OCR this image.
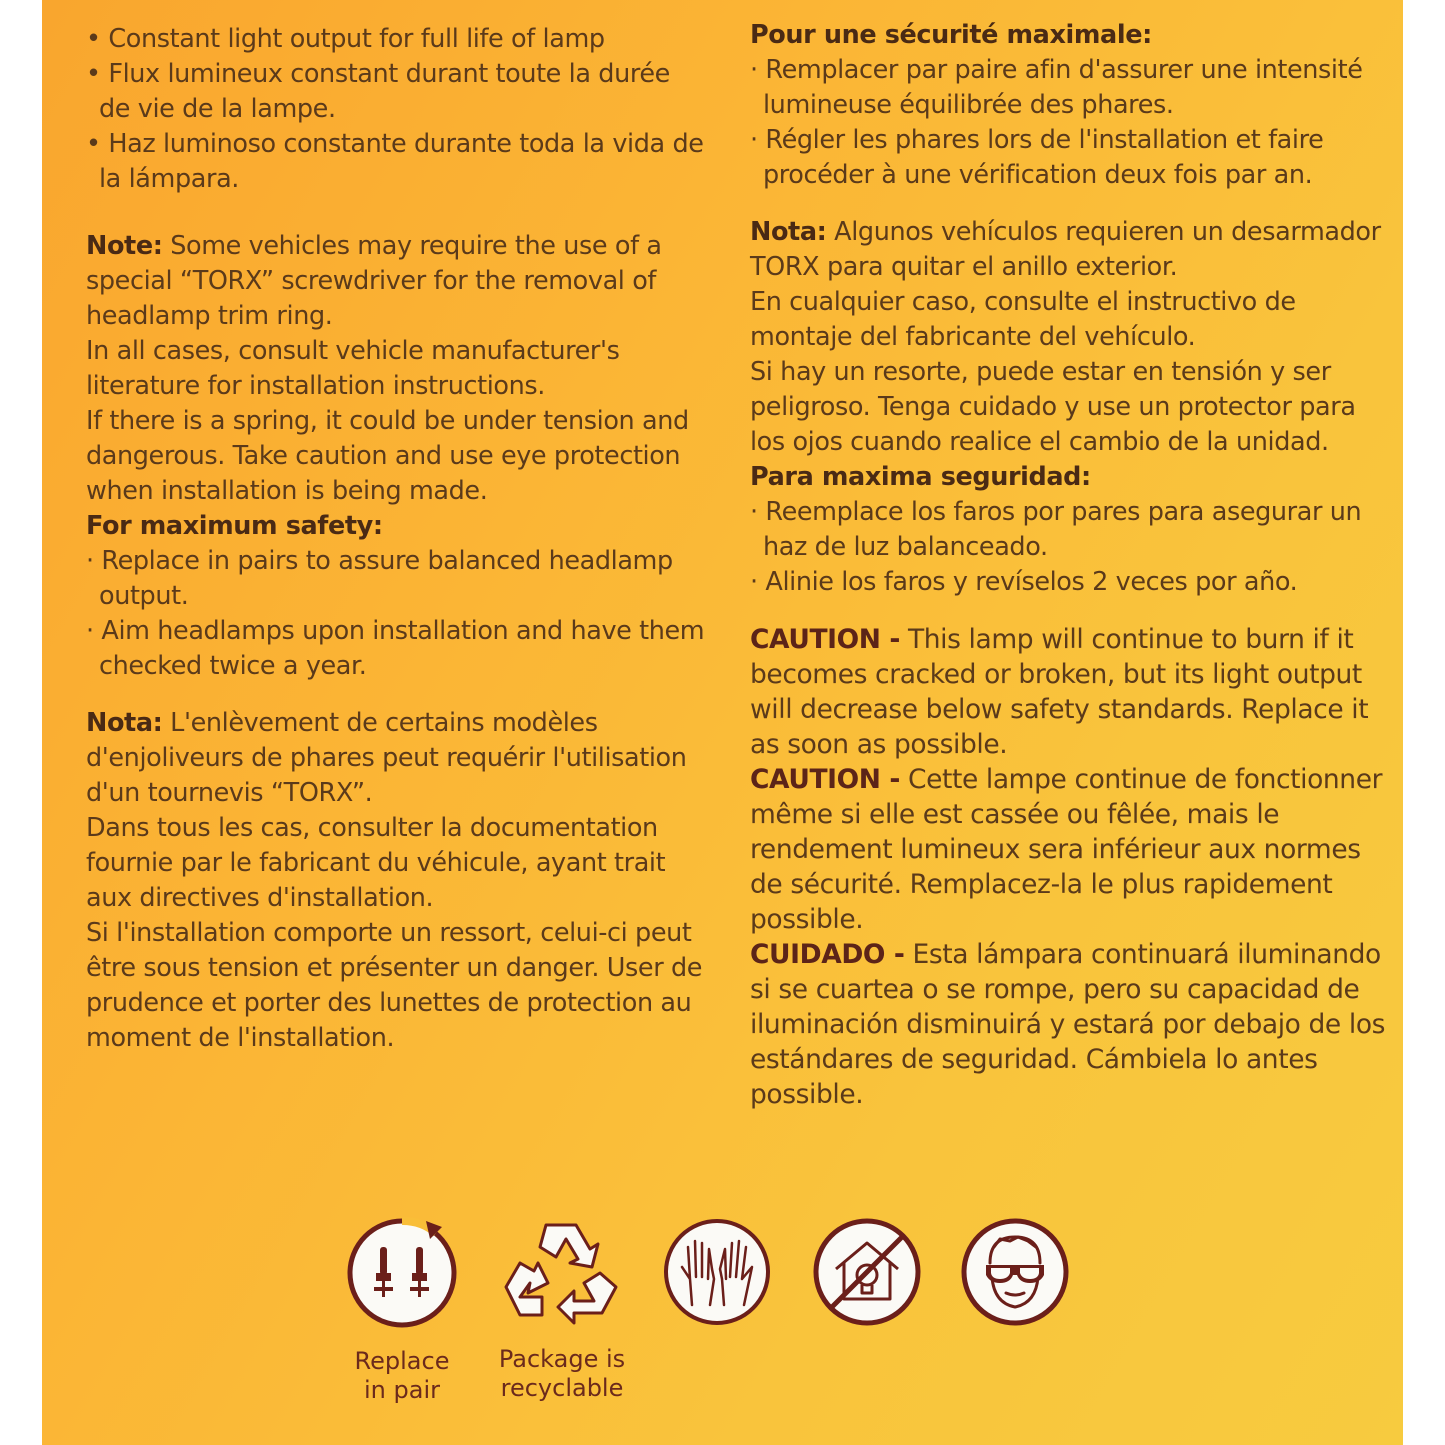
• Constant light output for full life of lamp

• Flux lumineux constant durant toute la durée de vie de la lampe.

• Haz luminoso constante durante toda la vida de la lámpara.

Note: Some vehicles may require the use of a special “TORX” screwdriver for the removal of headlamp trim ring.

In all cases, consult vehicle manufacturer's literature for installation instructions.

If there is a spring, it could be under tension and dangerous. Take caution and use eye protection when installation is being made.

For maximum safety:

· Replace in pairs to assure balanced headlamp output.

· Aim headlamps upon installation and have them checked twice a year.

Nota: L'enlèvement de certains modèles d'enjoliveurs de phares peut requérir l'utilisation d'un tournevis “TORX”.

Dans tous les cas, consulter la documentation fournie par le fabricant du véhicule, ayant trait aux directives d'installation.

Si l'installation comporte un ressort, celui-ci peut être sous tension et présenter un danger. User de prudence et porter des lunettes de protection au moment de l'installation.

Pour une sécurité maximale:

· Remplacer par paire afin d'assurer une intensité lumineuse équilibrée des phares.

· Régler les phares lors de l'installation et faire procéder à une vérification deux fois par an.

Nota: Algunos vehículos requieren un desarmador TORX para quitar el anillo exterior.

En cualquier caso, consulte el instructivo de montaje del fabricante del vehículo.

Si hay un resorte, puede estar en tensión y ser peligroso. Tenga cuidado y use un protector para los ojos cuando realice el cambio de la unidad.

Para maxima seguridad:

· Reemplace los faros por pares para asegurar un haz de luz balanceado.

· Alinie los faros y revíselos 2 veces por año.

CAUTION - This lamp will continue to burn if it becomes cracked or broken, but its light output will decrease below safety standards. Replace it as soon as possible.

CAUTION - Cette lampe continue de fonctionner même si elle est cassée ou fêlée, mais le rendement lumineux sera inférieur aux normes de sécurité. Remplacez-la le plus rapidement possible.

CUIDADO - Esta lámpara continuará iluminando si se cuartea o se rompe, pero su capacidad de iluminación disminuirá y estará por debajo de los estándares de seguridad. Cámbiela lo antes possible.

Replace
in pair
Package is
recyclable
